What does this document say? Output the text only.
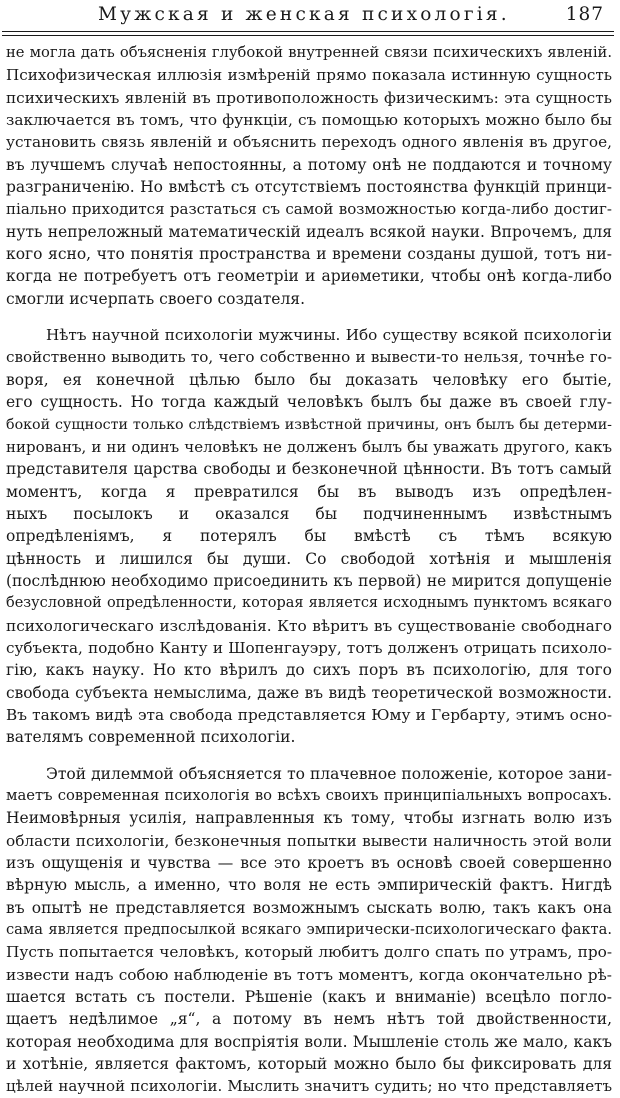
Мужская и женская психологія.	187

не могла дать объясненія глубокой внутренней связи психическихъ явленій.
Психофизическая иллюзія измѣреній прямо показала истинную сущность
психическихъ явленій въ противоположность физическимъ: эта сущность
заключается въ томъ, что функціи, съ помощью которыхъ можно было бы
установить связь явленій и объяснить переходъ одного явленія въ другое,
въ лучшемъ случаѣ непостоянны, а потому онѣ не поддаются и точному
разграниченію. Но вмѣстѣ съ отсутствіемъ постоянства функцій принци-
піально приходится разстаться съ самой возможностью когда-либо достиг-
нуть непреложный математическій идеалъ всякой науки. Впрочемъ, для
кого ясно, что понятія пространства и времени созданы душой, тотъ ни-
когда не потребуетъ отъ геометріи и ариѳметики, чтобы онѣ когда-либо
смогли исчерпать своего создателя.

Нѣтъ научной психологіи мужчины. Ибо существу всякой психологіи
свойственно выводить то, чего собственно и вывести-то нельзя, точнѣе го-
воря, ея конечной цѣлью было бы доказать человѣку его бытіе,
его сущность. Но тогда каждый человѣкъ былъ бы даже въ своей глу-
бокой сущности только слѣдствіемъ извѣстной причины, онъ былъ бы детерми-
нированъ, и ни одинъ человѣкъ не долженъ былъ бы уважать другого, какъ
представителя царства свободы и безконечной цѣнности. Въ тотъ самый
моментъ, когда я превратился бы въ выводъ изъ опредѣлен-
ныхъ посылокъ и оказался бы подчиненнымъ извѣстнымъ
опредѣленіямъ, я потерялъ бы вмѣстѣ съ тѣмъ всякую
цѣнность и лишился бы души. Со свободой хотѣнія и мышленія
(послѣднюю необходимо присоединить къ первой) не мирится допущеніе
безусловной опредѣленности, которая является исходнымъ пунктомъ всякаго
психологическаго изслѣдованія. Кто вѣритъ въ существованіе свободнаго
субъекта, подобно Канту и Шопенгауэру, тотъ долженъ отрицать психоло-
гію, какъ науку. Но кто вѣрилъ до сихъ поръ въ психологію, для того
свобода субъекта немыслима, даже въ видѣ теоретической возможности.
Въ такомъ видѣ эта свобода представляется Юму и Гербарту, этимъ осно-
вателямъ современной психологіи.

Этой дилеммой объясняется то плачевное положеніе, которое зани-
маетъ современная психологія во всѣхъ своихъ принципіальныхъ вопросахъ.
Неимовѣрныя усилія, направленныя къ тому, чтобы изгнать волю изъ
области психологіи, безконечныя попытки вывести наличность этой воли
изъ ощущенія и чувства — все это кроетъ въ основѣ своей совершенно
вѣрную мысль, а именно, что воля не есть эмпирическій фактъ. Нигдѣ
въ опытѣ не представляется возможнымъ сыскать волю, такъ какъ она
сама является предпосылкой всякаго эмпирически-психологическаго факта.
Пусть попытается человѣкъ, который любитъ долго спать по утрамъ, про-
извести надъ собою наблюденіе въ тотъ моментъ, когда окончательно рѣ-
шается встать съ постели. Рѣшеніе (какъ и вниманіе) всецѣло погло-
щаетъ недѣлимое „я“, а потому въ немъ нѣтъ той двойственности,
которая необходима для воспріятія воли. Мышленіе столь же мало, какъ
и хотѣніе, является фактомъ, который можно было бы фиксировать для
цѣлей научной психологіи. Мыслить значитъ судить; но что представляетъ
